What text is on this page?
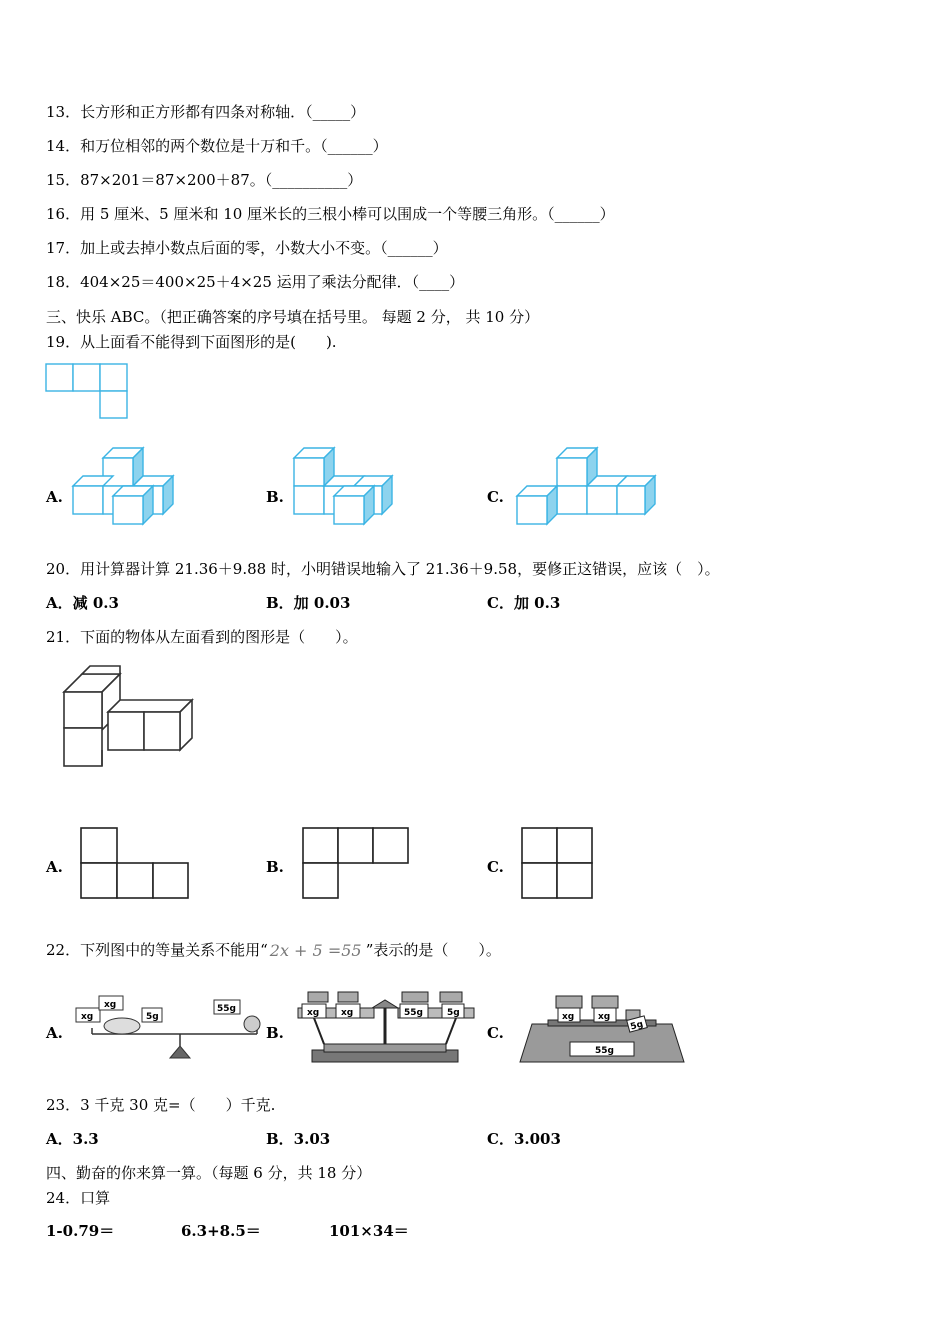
13．长方形和正方形都有四条对称轴．（_____）
14．和万位相邻的两个数位是十万和千。（______）
15．87×201＝87×200＋87。（__________）
16．用 5 厘米、5 厘米和 10 厘米长的三根小棒可以围成一个等腰三角形。（______）
17．加上或去掉小数点后面的零，小数大小不变。（______）
18．404×25＝400×25＋4×25 运用了乘法分配律．（____）
三、快乐 ABC。（把正确答案的序号填在括号里。 每题 2 分， 共 10 分）
19．从上面看不能得到下面图形的是(　　).
A.	B.	C.
20．用计算器计算 21.36＋9.88 时，小明错误地输入了 21.36＋9.58，要修正这错误，应该（　）。
A．减 0.3	B．加 0.03	C．加 0.3
21．下面的物体从左面看到的图形是（　　）。
A.	B.	C.
22．下列图中的等量关系不能用“ 2x + 5 =55 ”表示的是（　　）。
A.
xg
xg
5g
55g
B.
xg xg	55g	5g
C.
xg	xg
5g
55g
23．3 千克 30 克=（　　）千克.
A．3.3	B．3.03	C．3.003
四、勤奋的你来算一算。（每题 6 分，共 18 分）
24．口算
1-0.79＝	6.3+8.5＝	101×34＝
